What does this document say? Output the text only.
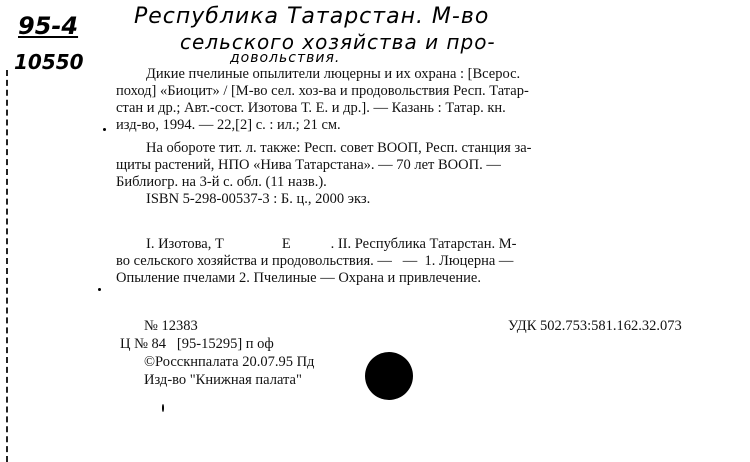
95-4
10550
Республика Татарстан. М-во
сельского хозяйства и про-
довольствия.
Дикие пчелиные опылители люцерны и их охрана : [Всерос.
поход] «Биоцит» / [М-во сел. хоз-ва и продовольствия Респ. Татар-
стан и др.; Авт.-сост. Изотова Т. Е. и др.]. — Казань : Татар. кн.
изд-во, 1994. — 22,[2] с. : ил.; 21 см.
На обороте тит. л. также: Респ. совет ВООП, Респ. станция за-
щиты растений, НПО «Нива Татарстана». — 70 лет ВООП. —
Библиогр. на 3-й с. обл. (11 назв.).
ISBN 5-298-00537-3 : Б. ц., 2000 экз.
I. Изотова, Т                Е           . II. Республика Татарстан. М-
во сельского хозяйства и продовольствия. —   —  1. Люцерна —
Опыление пчелами 2. Пчелиные — Охрана и привлечение.
№ 12383	УДК 502.753:581.162.32.073
Ц № 84   [95-15295] п оф
©Росскнпалата 20.07.95 Пд
Изд-во "Книжная палата"
